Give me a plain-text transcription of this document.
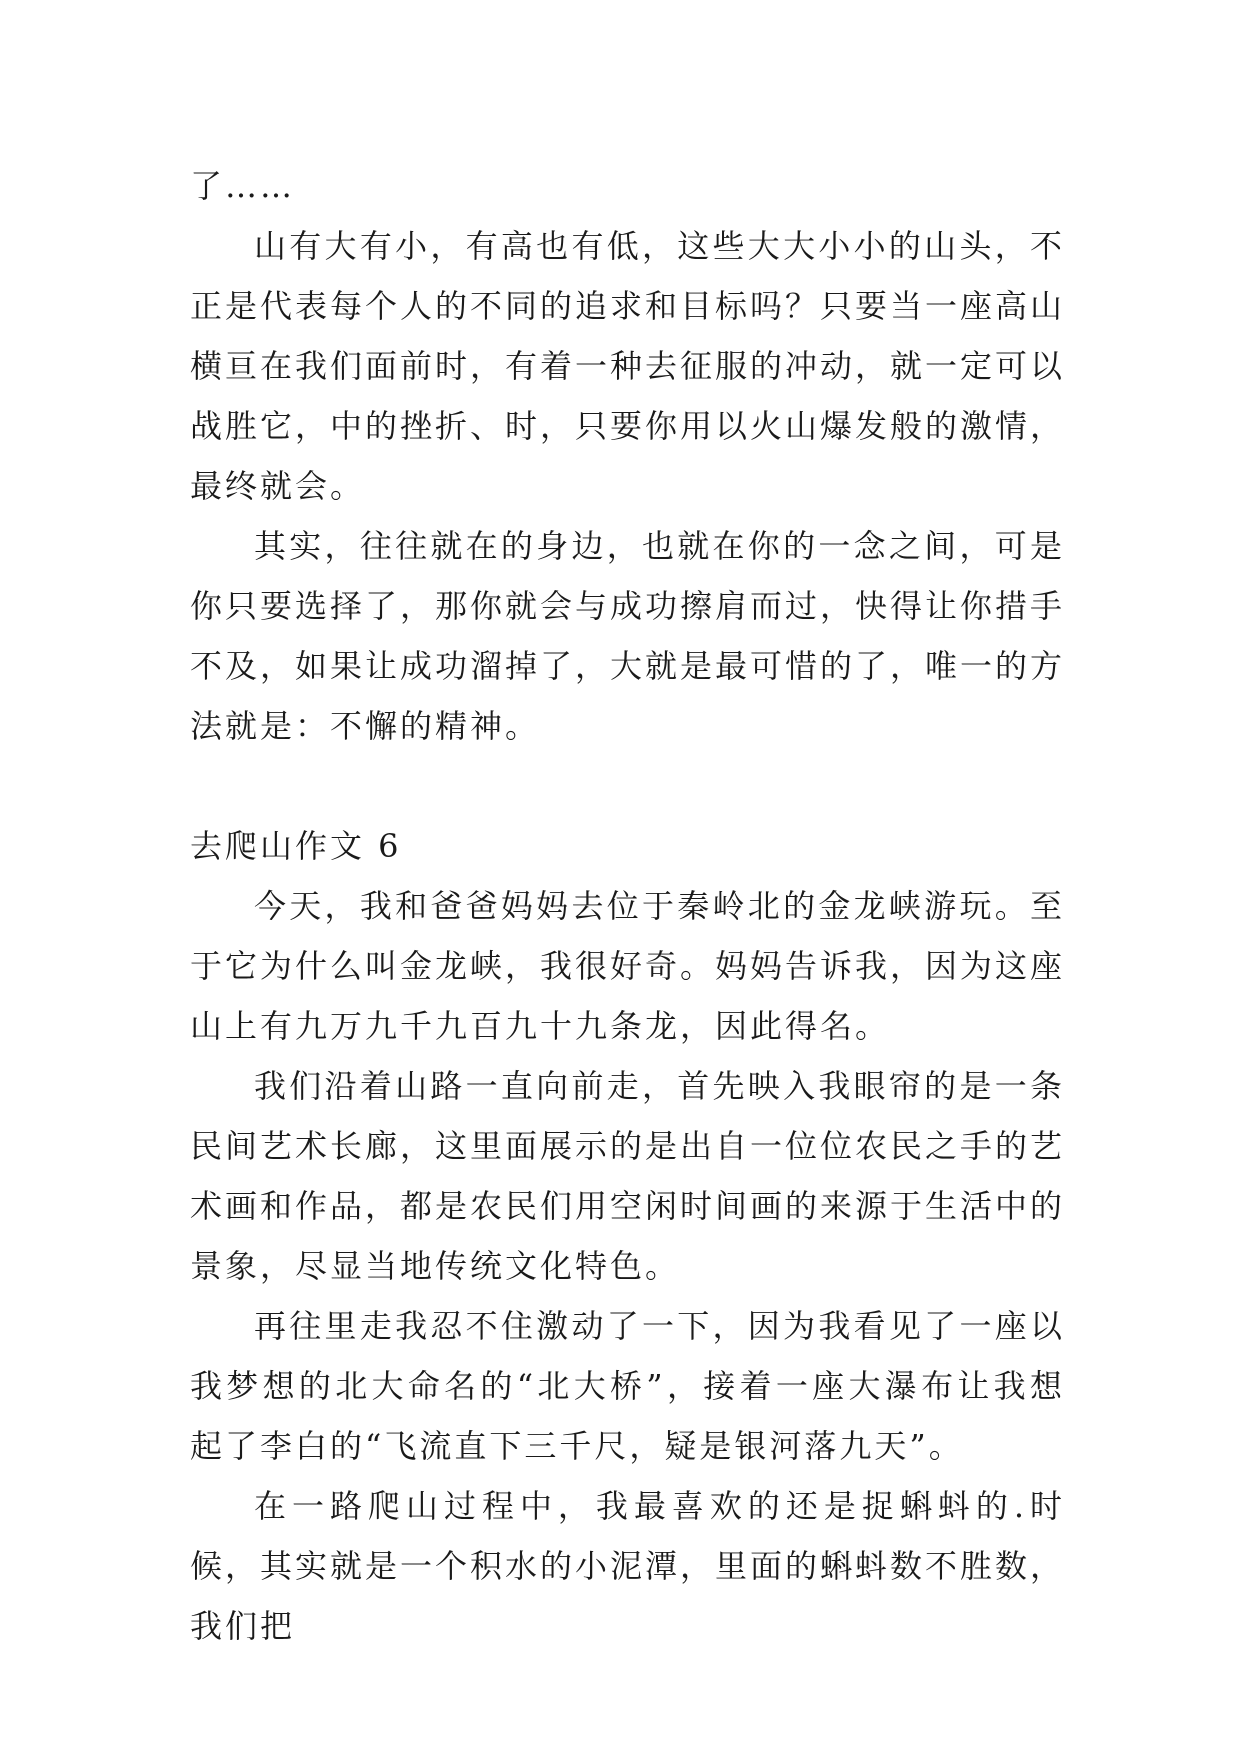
了……

山有大有小，有高也有低，这些大大小小的山头，不正是代表每个人的不同的追求和目标吗？只要当一座高山横亘在我们面前时，有着一种去征服的冲动，就一定可以战胜它，中的挫折、时，只要你用以火山爆发般的激情，最终就会。

其实，往往就在的身边，也就在你的一念之间，可是你只要选择了，那你就会与成功擦肩而过，快得让你措手不及，如果让成功溜掉了，大就是最可惜的了，唯一的方法就是：不懈的精神。

去爬山作文 6

今天，我和爸爸妈妈去位于秦岭北的金龙峡游玩。至于它为什么叫金龙峡，我很好奇。妈妈告诉我，因为这座山上有九万九千九百九十九条龙，因此得名。

我们沿着山路一直向前走，首先映入我眼帘的是一条民间艺术长廊，这里面展示的是出自一位位农民之手的艺术画和作品，都是农民们用空闲时间画的来源于生活中的景象，尽显当地传统文化特色。

再往里走我忍不住激动了一下，因为我看见了一座以我梦想的北大命名的“北大桥”，接着一座大瀑布让我想起了李白的“飞流直下三千尺，疑是银河落九天”。

在一路爬山过程中，我最喜欢的还是捉蝌蚪的.时候，其实就是一个积水的小泥潭，里面的蝌蚪数不胜数，我们把
